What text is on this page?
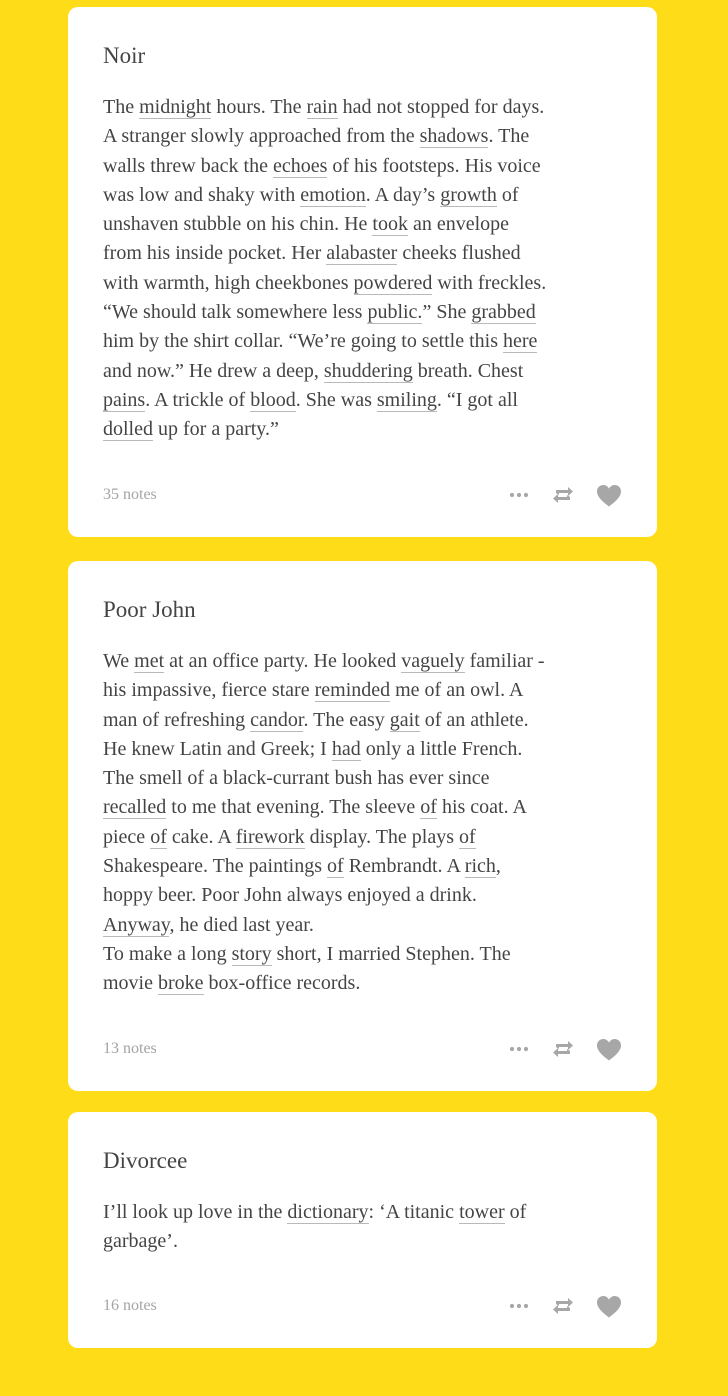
Noir
The midnight hours. The rain had not stopped for days.
A stranger slowly approached from the shadows. The
walls threw back the echoes of his footsteps. His voice
was low and shaky with emotion. A day’s growth of
unshaven stubble on his chin. He took an envelope
from his inside pocket. Her alabaster cheeks flushed
with warmth, high cheekbones powdered with freckles.
“We should talk somewhere less public.” She grabbed
him by the shirt collar. “We’re going to settle this here
and now.” He drew a deep, shuddering breath. Chest
pains. A trickle of blood. She was smiling. “I got all
dolled up for a party.”
35 notes
Poor John
We met at an office party. He looked vaguely familiar -
his impassive, fierce stare reminded me of an owl. A
man of refreshing candor. The easy gait of an athlete.
He knew Latin and Greek; I had only a little French.
The smell of a black-currant bush has ever since
recalled to me that evening. The sleeve of his coat. A
piece of cake. A firework display. The plays of
Shakespeare. The paintings of Rembrandt. A rich,
hoppy beer. Poor John always enjoyed a drink.
Anyway, he died last year.
To make a long story short, I married Stephen. The
movie broke box-office records.
13 notes
Divorcee
I’ll look up love in the dictionary: ‘A titanic tower of
garbage’.
16 notes
